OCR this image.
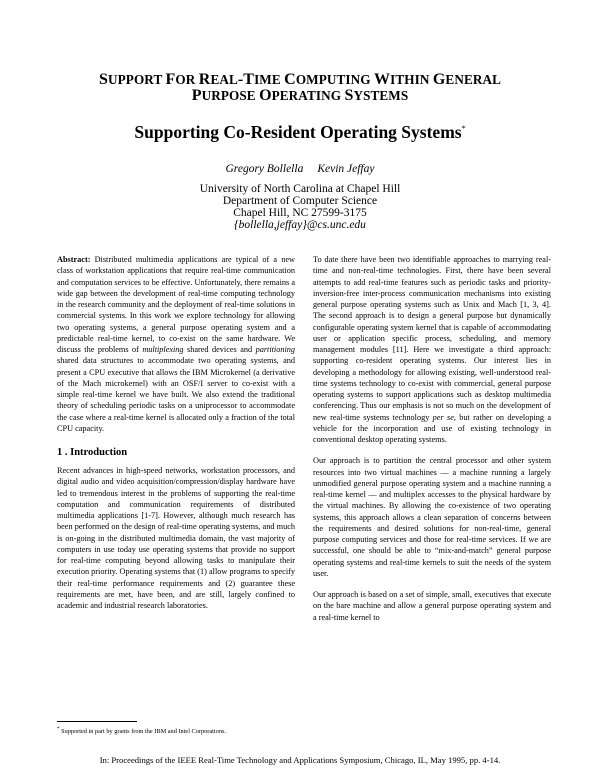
SUPPORT FOR REAL-TIME COMPUTING WITHIN GENERAL
PURPOSE OPERATING SYSTEMS
Supporting Co-Resident Operating Systems*
Gregory Bollella Kevin Jeffay
University of North Carolina at Chapel Hill
Department of Computer Science
Chapel Hill, NC 27599-3175
{bollella,jeffay}@cs.unc.edu

Abstract: Distributed multimedia applications are typical of a new class of workstation applications that require real-time communication and computation services to be effective. Unfortunately, there remains a wide gap between the development of real-time computing technology in the research community and the deployment of real-time solutions in commercial systems. In this work we explore technology for allowing two operating systems, a general purpose operating system and a predictable real-time kernel, to co-exist on the same hardware. We discuss the problems of multiplexing shared devices and partitioning shared data structures to accommodate two operating systems, and present a CPU executive that allows the IBM Microkernel (a derivative of the Mach microkernel) with an OSF/I server to co-exist with a simple real-time kernel we have built. We also extend the traditional theory of scheduling periodic tasks on a uniprocessor to accommodate the case where a real-time kernel is allocated only a fraction of the total CPU capacity.

1 . Introduction

Recent advances in high-speed networks, workstation processors, and digital audio and video acquisition/compression/display hardware have led to tremendous interest in the problems of supporting the real-time computation and communication requirements of distributed multimedia applications [1-7]. However, although much research has been performed on the design of real-time operating systems, and much is on-going in the distributed multimedia domain, the vast majority of computers in use today use operating systems that provide no support for real-time computing beyond allowing tasks to manipulate their execution priority. Operating systems that (1) allow programs to specify their real-time performance requirements and (2) guarantee these requirements are met, have been, and are still, largely confined to academic and industrial research laboratories.

To date there have been two identifiable approaches to marrying real-time and non-real-time technologies. First, there have been several attempts to add real-time features such as periodic tasks and priority-inversion-free inter-process communication mechanisms into existing general purpose operating systems such as Unix and Mach [1, 3, 4]. The second approach is to design a general purpose but dynamically configurable operating system kernel that is capable of accommodating user or application specific process, scheduling, and memory management modules [11]. Here we investigate a third approach: supporting co-resident operating systems. Our interest lies in developing a methodology for allowing existing, well-understood real-time systems technology to co-exist with commercial, general purpose operating systems to support applications such as desktop multimedia conferencing. Thus our emphasis is not so much on the development of new real-time systems technology per se, but rather on developing a vehicle for the incorporation and use of existing technology in conventional desktop operating systems.

Our approach is to partition the central processor and other system resources into two virtual machines — a machine running a largely unmodified general purpose operating system and a machine running a real-time kernel — and multiplex accesses to the physical hardware by the virtual machines. By allowing the co-existence of two operating systems, this approach allows a clean separation of concerns between the requirements and desired solutions for non-real-time, general purpose computing services and those for real-time services. If we are successful, one should be able to “mix-and-match” general purpose operating systems and real-time kernels to suit the needs of the system user.

Our approach is based on a set of simple, small, executives that execute on the bare machine and allow a general purpose operating system and a real-time kernel to

* Supported in part by grants from the IBM and Intel Corporations.
In: Proceedings of the IEEE Real-Time Technology and Applications Symposium, Chicago, IL, May 1995, pp. 4-14.
